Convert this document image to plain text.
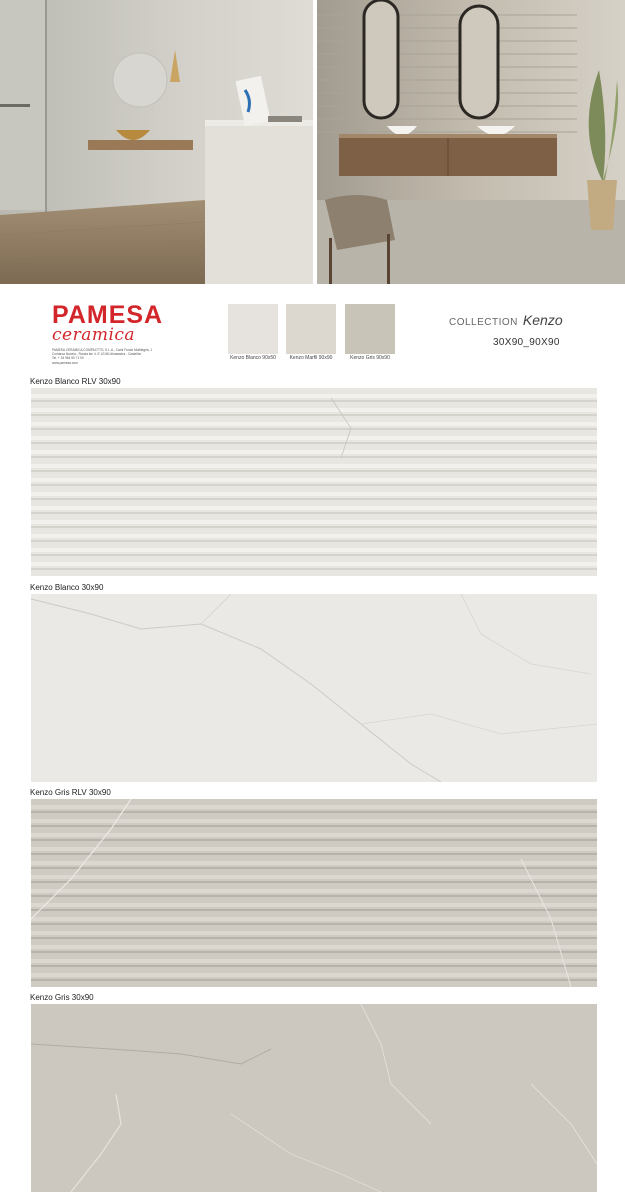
PAMESA
ceramica
PAMESA CERAMICA COMPACTTO, S.L.U., Cami Fondo Multitegria, 1
Comarca Nucela - Ronda km 4. E 12160 Almassera - Castellón
Tel. + 34 964 50 71 00
www.pamesa.com
Kenzo Blanco 90x50	Kenzo Marfil 90x90	Kenzo Gris 90x90
COLLECTION Kenzo
30X90_90X90
Kenzo Blanco RLV 30x90
Kenzo Blanco 30x90
Kenzo Gris RLV 30x90
Kenzo Gris 30x90
